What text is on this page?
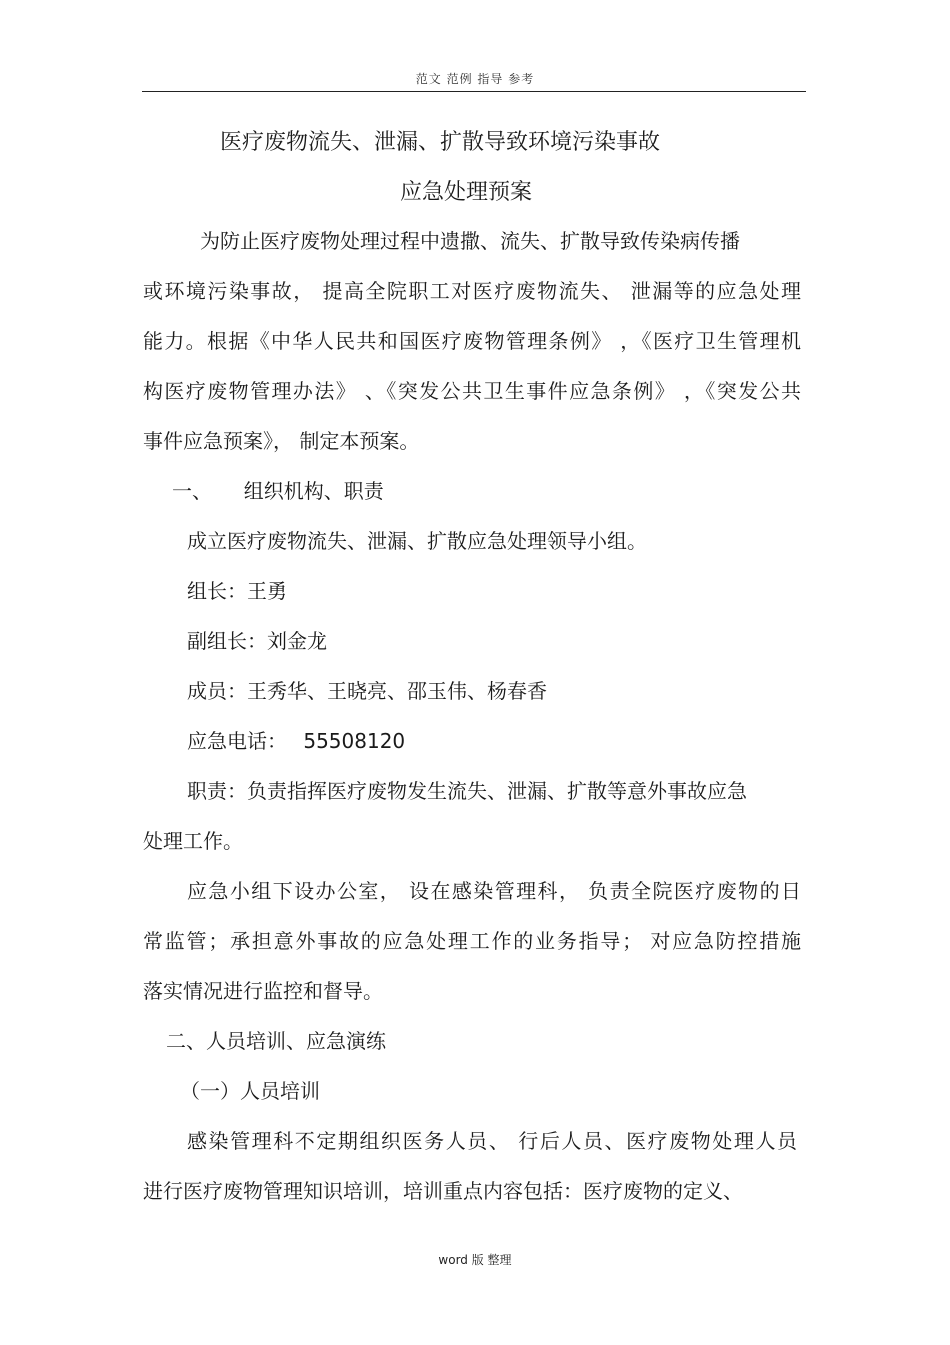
范文 范例 指导 参考
医疗废物流失、泄漏、扩散导致环境污染事故
应急处理预案
为防止医疗废物处理过程中遗撒、流失、扩散导致传染病传播
或环境污染事故， 提高全院职工对医疗废物流失、 泄漏等的应急处理
能力。根据《中华人民共和国医疗废物管理条例》 ，《医疗卫生管理机
构医疗废物管理办法》 、《突发公共卫生事件应急条例》 ，《突发公共
事件应急预案》， 制定本预案。
一、     组织机构、职责
成立医疗废物流失、泄漏、扩散应急处理领导小组。
组长：王勇
副组长：刘金龙
成员：王秀华、王晓亮、邵玉伟、杨春香
应急电话： 55508120
职责：负责指挥医疗废物发生流失、泄漏、扩散等意外事故应急
处理工作。
应急小组下设办公室， 设在感染管理科， 负责全院医疗废物的日
常监管；承担意外事故的应急处理工作的业务指导； 对应急防控措施
落实情况进行监控和督导。
二、人员培训、应急演练
（一）人员培训
感染管理科不定期组织医务人员、 行后人员、医疗废物处理人员
进行医疗废物管理知识培训，培训重点内容包括：医疗废物的定义、
word 版 整理
